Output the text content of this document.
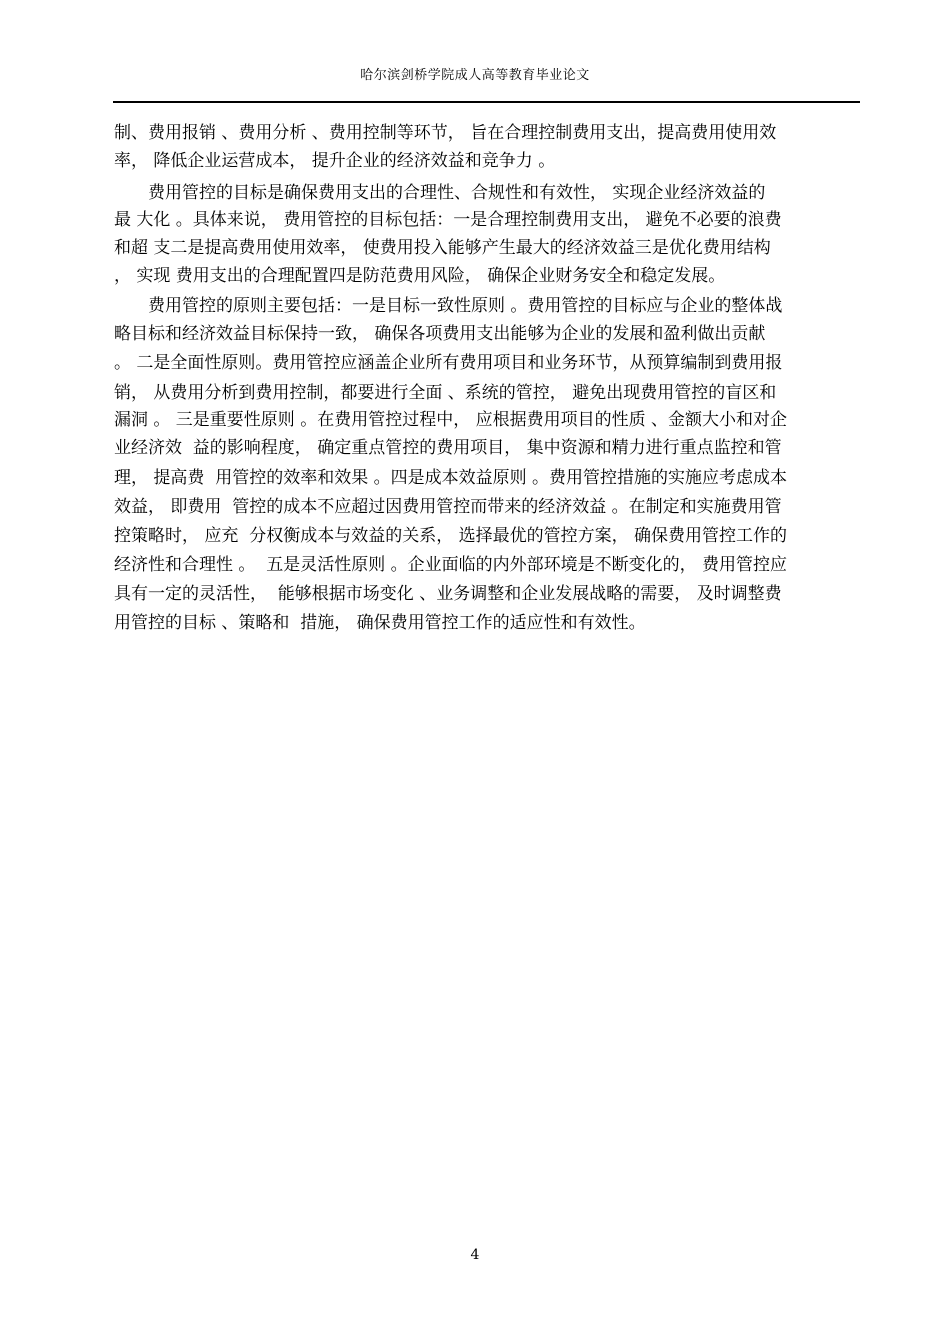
哈尔滨剑桥学院成人高等教育毕业论文
制、费用报销 、费用分析 、费用控制等环节， 旨在合理控制费用支出，提高费用使用效
率， 降低企业运营成本， 提升企业的经济效益和竞争力 。
费用管控的目标是确保费用支出的合理性、合规性和有效性， 实现企业经济效益的
最 大化 。具体来说， 费用管控的目标包括：一是合理控制费用支出， 避免不必要的浪费
和超 支二是提高费用使用效率， 使费用投入能够产生最大的经济效益三是优化费用结构
， 实现 费用支出的合理配置四是防范费用风险， 确保企业财务安全和稳定发展。
费用管控的原则主要包括：一是目标一致性原则 。费用管控的目标应与企业的整体战
略目标和经济效益目标保持一致， 确保各项费用支出能够为企业的发展和盈利做出贡献
。 二是全面性原则。费用管控应涵盖企业所有费用项目和业务环节，从预算编制到费用报
销， 从费用分析到费用控制，都要进行全面 、系统的管控， 避免出现费用管控的盲区和
漏洞 。 三是重要性原则 。在费用管控过程中， 应根据费用项目的性质 、金额大小和对企
业经济效  益的影响程度， 确定重点管控的费用项目， 集中资源和精力进行重点监控和管
理， 提高费  用管控的效率和效果 。四是成本效益原则 。费用管控措施的实施应考虑成本
效益， 即费用  管控的成本不应超过因费用管控而带来的经济效益 。在制定和实施费用管
控策略时， 应充  分权衡成本与效益的关系， 选择最优的管控方案， 确保费用管控工作的
经济性和合理性 。  五是灵活性原则 。企业面临的内外部环境是不断变化的， 费用管控应
具有一定的灵活性，  能够根据市场变化 、业务调整和企业发展战略的需要， 及时调整费
用管控的目标 、策略和  措施， 确保费用管控工作的适应性和有效性。
4
